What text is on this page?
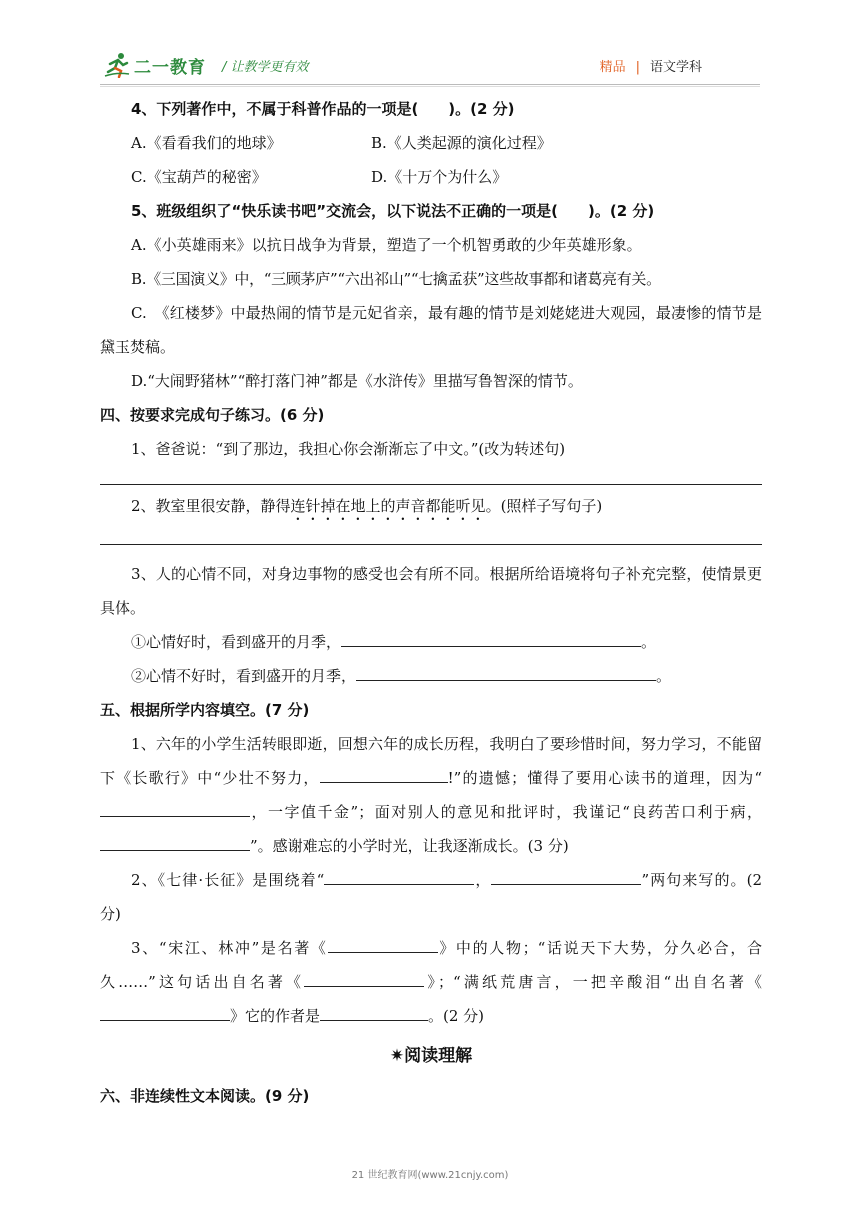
二一教育 / 让教学更有效	精品 | 语文学科
4、下列著作中，不属于科普作品的一项是(　　)。(2 分)
A.《看看我们的地球》	B.《人类起源的演化过程》
C.《宝葫芦的秘密》	D.《十万个为什么》
5、班级组织了“快乐读书吧”交流会，以下说法不正确的一项是(　　)。(2 分)
A.《小英雄雨来》以抗日战争为背景，塑造了一个机智勇敢的少年英雄形象。
B.《三国演义》中，“三顾茅庐”“六出祁山”“七擒孟获”这些故事都和诸葛亮有关。
C.　《红楼梦》中最热闹的情节是元妃省亲，最有趣的情节是刘姥姥进大观园，最凄惨的情节是黛玉焚稿。
D.“大闹野猪林”“醉打落门神”都是《水浒传》里描写鲁智深的情节。
四、按要求完成句子练习。(6 分)
1、爸爸说：“到了那边，我担心你会渐渐忘了中文。”(改为转述句)
2、教室里很安静，静得连针掉在地上的声音都能听见。(照样子写句子)
3、人的心情不同，对身边事物的感受也会有所不同。根据所给语境将句子补充完整，使情景更具体。
①心情好时，看到盛开的月季，	。
②心情不好时，看到盛开的月季，	。
五、根据所学内容填空。(7 分)
1、六年的小学生活转眼即逝，回想六年的成长历程，我明白了要珍惜时间，努力学习，不能留下《长歌行》中“少壮不努力，	!”的遗憾；懂得了要用心读书的道理，因为“，一字值千金”；面对别人的意见和批评时，我谨记“良药苦口利于病，”。感谢难忘的小学时光，让我逐渐成长。(3 分)
2、《七律·长征》是围绕着“	，	”两句来写的。(2 分)
3、“宋江、林冲”是名著《	》中的人物；“话说天下大势，分久必合，合久……”这句话出自名著《	》；“满纸荒唐言，一把辛酸泪“出自名著《》它的作者是	。(2 分)
✷阅读理解
六、非连续性文本阅读。(9 分)
21 世纪教育网(www.21cnjy.com)
